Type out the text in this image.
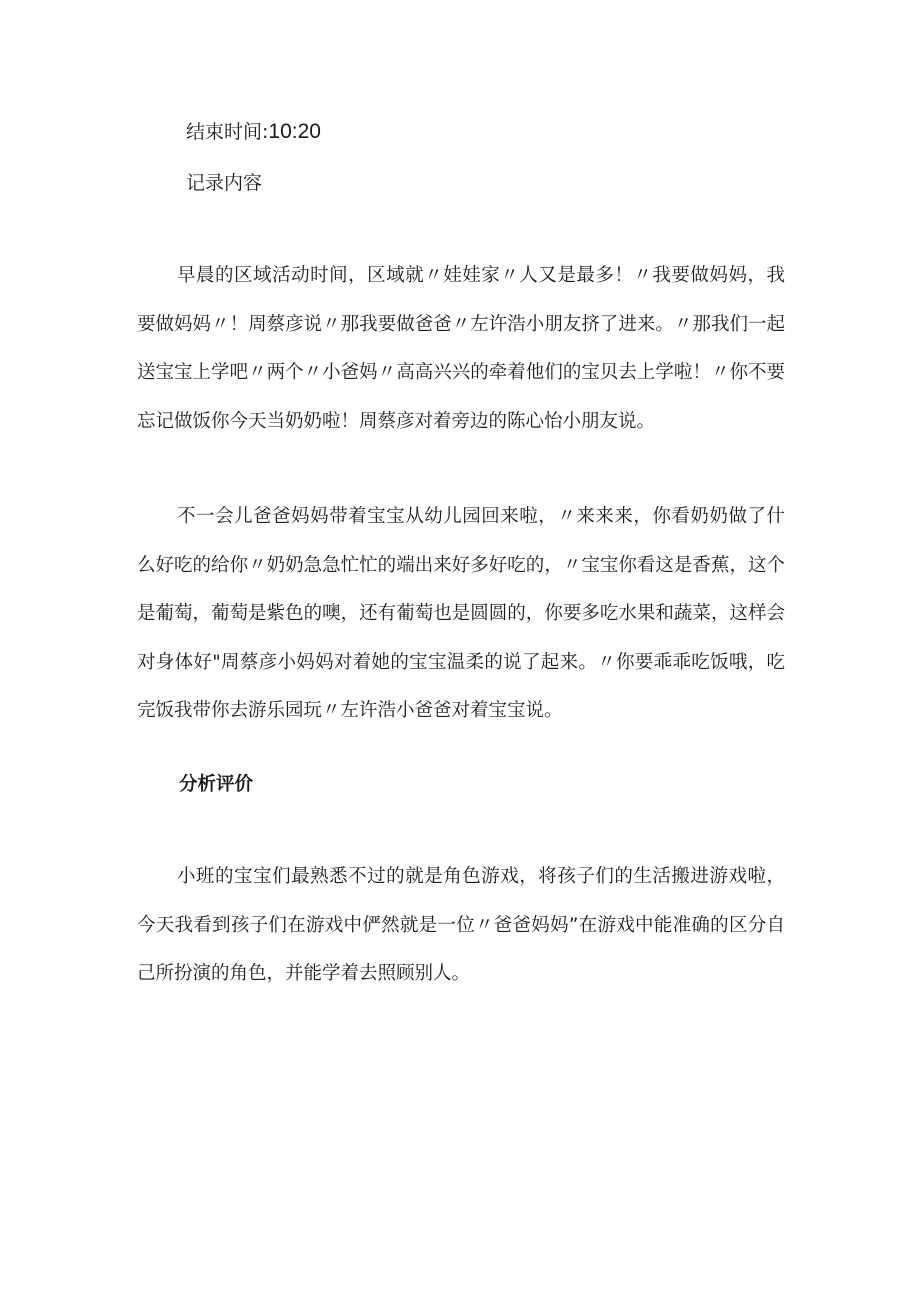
结束时间:10:20
记录内容

早晨的区域活动时间，区域就〃娃娃家〃人又是最多！〃我要做妈妈，我要做妈妈〃！周蔡彦说〃那我要做爸爸〃左许浩小朋友挤了进来。〃那我们一起送宝宝上学吧〃两个〃小爸妈〃高高兴兴的牵着他们的宝贝去上学啦！〃你不要忘记做饭你今天当奶奶啦！周蔡彦对着旁边的陈心怡小朋友说。

不一会儿爸爸妈妈带着宝宝从幼儿园回来啦，〃来来来，你看奶奶做了什么好吃的给你〃奶奶急急忙忙的端出来好多好吃的，〃宝宝你看这是香蕉，这个是葡萄，葡萄是紫色的噢，还有葡萄也是圆圆的，你要多吃水果和蔬菜，这样会对身体好"周蔡彦小妈妈对着她的宝宝温柔的说了起来。〃你要乖乖吃饭哦，吃完饭我带你去游乐园玩〃左许浩小爸爸对着宝宝说。

分析评价

小班的宝宝们最熟悉不过的就是角色游戏，将孩子们的生活搬进游戏啦，今天我看到孩子们在游戏中俨然就是一位〃爸爸妈妈”在游戏中能准确的区分自己所扮演的角色，并能学着去照顾别人。
